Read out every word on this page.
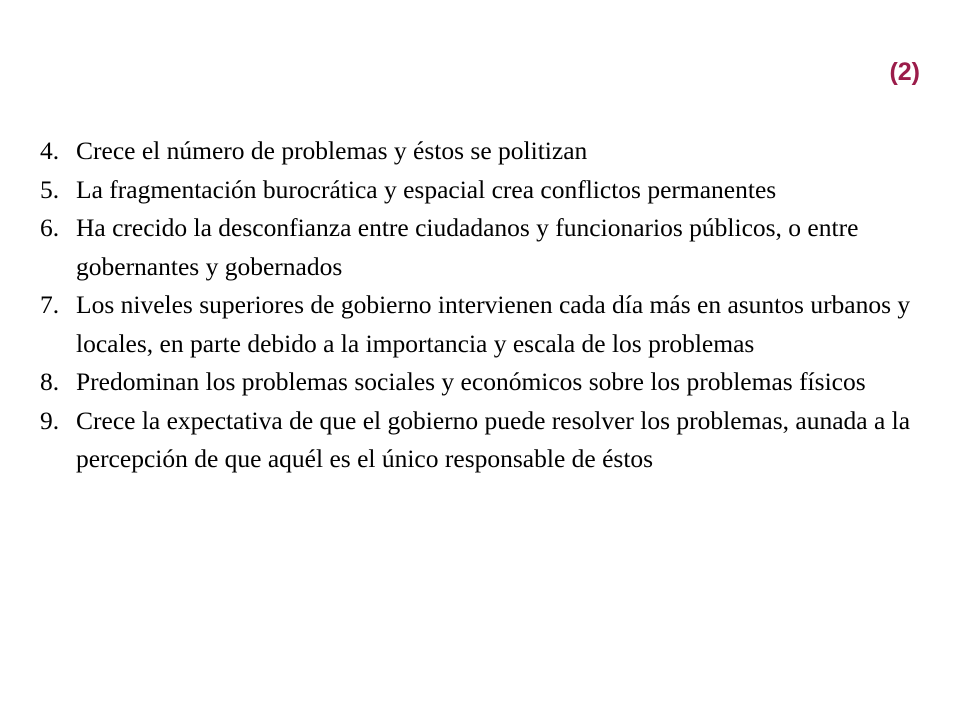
(2)
4. Crece el número de problemas y éstos se politizan
5. La fragmentación burocrática y espacial crea conflictos permanentes
6. Ha crecido la desconfianza entre ciudadanos y funcionarios públicos, o entre gobernantes y gobernados
7. Los niveles superiores de gobierno intervienen cada día más en asuntos urbanos y locales, en parte debido a la importancia y escala de los problemas
8. Predominan los problemas sociales y económicos sobre los problemas físicos
9. Crece la expectativa de que el gobierno puede resolver los problemas, aunada a la percepción de que aquél es el único responsable de éstos
